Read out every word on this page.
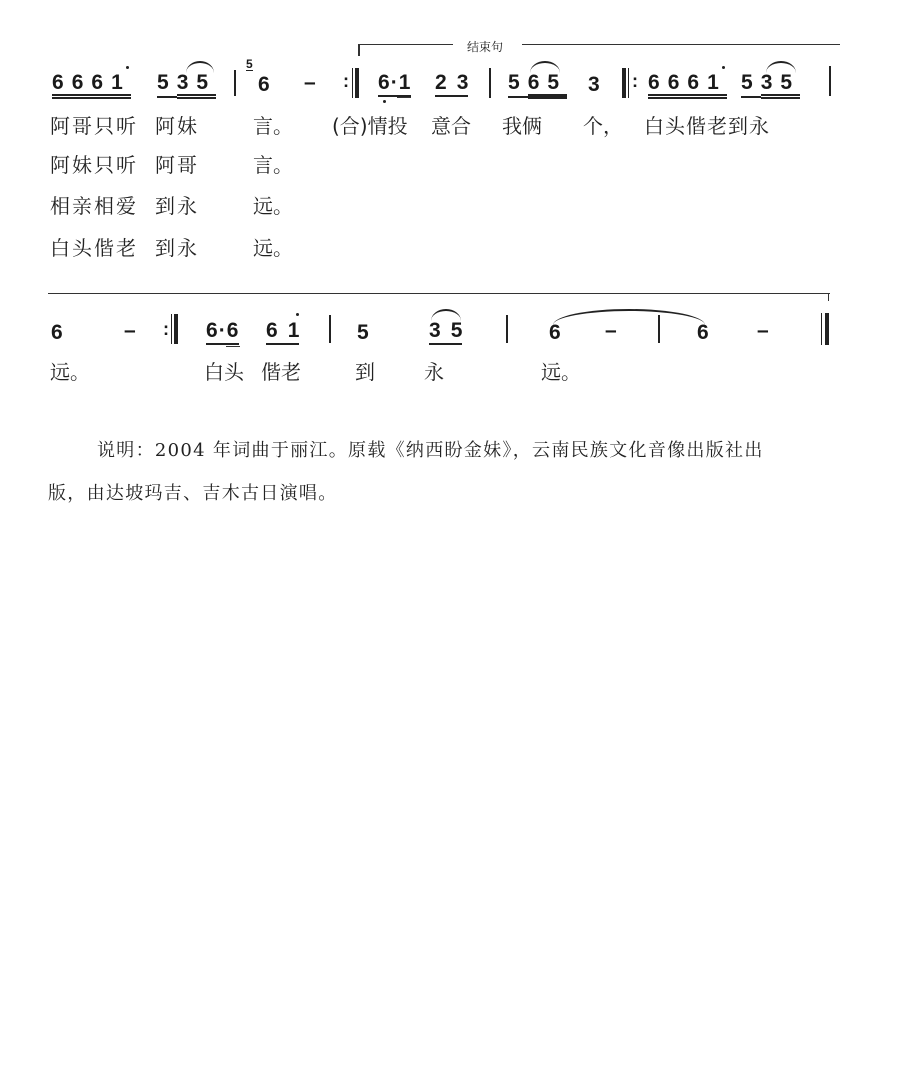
结束句
6661 535
5
6 – : 6·1 23 565 3 : 6661 535
阿哥只听 阿妹	言。 (合)情投 意合 我俩 个， 白头偕老到永
阿妹只听 阿哥	言。
相亲相爱 到永	远。
白头偕老 到永	远。
6	– : 6·6 61	5	35	6 –	6 –
远。	白头 偕老	到 永	远。
说明：2004 年词曲于丽江。原载《纳西盼金妹》，云南民族文化音像出版社出
版，由达坡玛吉、吉木古日演唱。
